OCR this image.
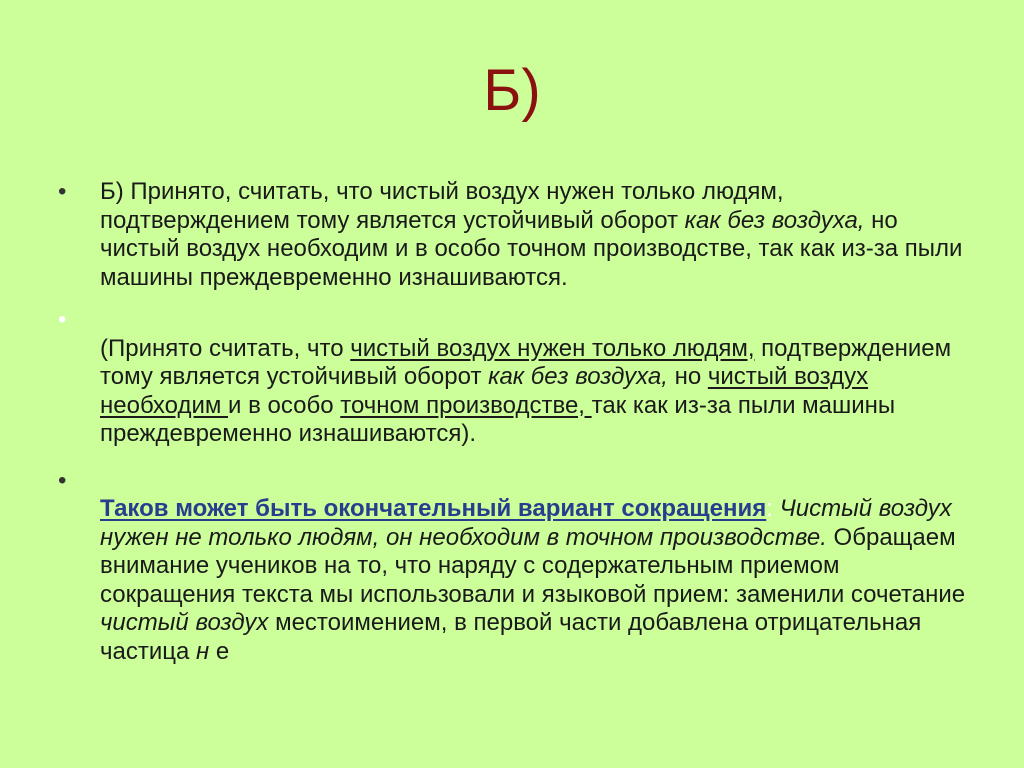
Б)
•	Б) Принято, считать, что чистый воздух нужен только людям, подтверждением тому является устойчивый оборот как без воздуха, но чистый воздух необходим и в особо точном производстве, так как из-за пыли машины преждевременно изнашиваются.
•
(Принято считать, что чистый воздух нужен только людям, подтверждением тому является устойчивый оборот как без воздуха, но чистый воздух необходим и в особо точном производстве, так как из-за пыли машины преждевременно изнашиваются).
•
Таков может быть окончательный вариант сокращения: Чистый воздух нужен не только людям, он необходим в точном производстве. Обращаем внимание учеников на то, что наряду с содержательным приемом сокращения текста мы использовали и языковой прием: заменили сочетание чистый воздух местоимением, в первой части добавлена отрицательная частица н е
